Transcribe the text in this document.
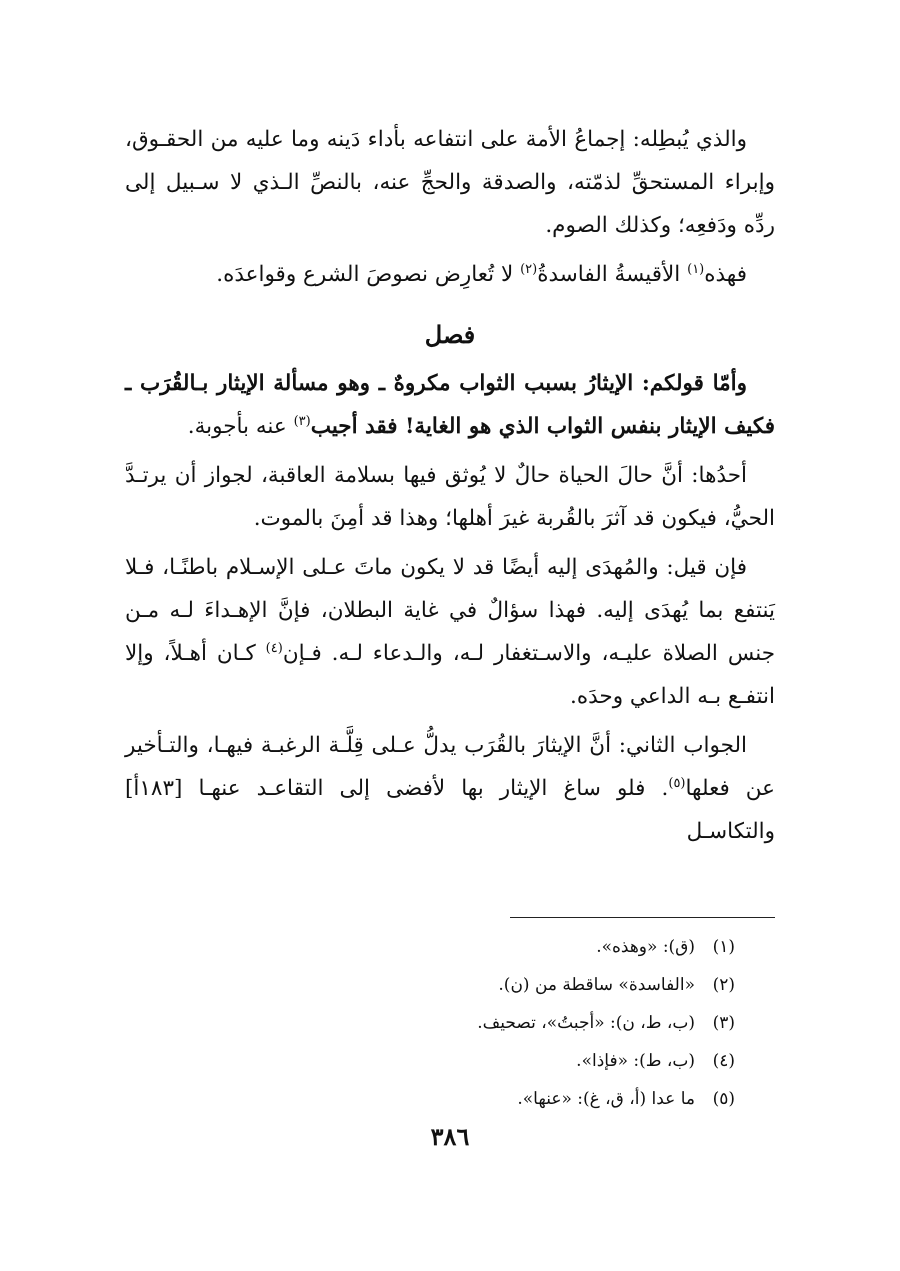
والذي يُبطِله: إجماعُ الأمة على انتفاعه بأداء دَينه وما عليه من الحقـوق، وإبراء المستحقِّ لذمّته، والصدقة والحجِّ عنه، بالنصِّ الـذي لا سـبيل إلى ردِّه ودَفعِه؛ وكذلك الصوم.

فهذه$^{(١)}$ الأقيسةُ الفاسدةُ$^{(٢)}$ لا تُعارِض نصوصَ الشرع وقواعدَه.

فصل

وأمّا قولكم: الإيثارُ بسبب الثواب مكروهٌ ـ وهو مسألة الإيثار بـالقُرَب ـ فكيف الإيثار بنفس الثواب الذي هو الغاية! فقد أجيب$^{(٣)}$ عنه بأجوبة.

أحدُها: أنَّ حالَ الحياة حالٌ لا يُوثق فيها بسلامة العاقبة، لجواز أن يرتـدَّ الحيُّ، فيكون قد آثرَ بالقُربة غيرَ أهلها؛ وهذا قد أمِنَ بالموت.

فإن قيل: والمُهدَى إليه أيضًا قد لا يكون ماتَ عـلى الإسـلام باطنًـا، فـلا يَنتفع بما يُهدَى إليه. فهذا سؤالٌ في غاية البطلان، فإنَّ الإهـداءَ لـه مـن جنس الصلاة عليـه، والاسـتغفار لـه، والـدعاء لـه. فـإن$^{(٤)}$ كـان أهـلاً، وإلا انتفـع بـه الداعي وحدَه.

الجواب الثاني: أنَّ الإيثارَ بالقُرَب يدلُّ عـلى قِلَّـة الرغبـة فيهـا، والتـأخير عن فعلها$^{(٥)}$. فلو ساغ الإيثار بها لأفضى إلى التقاعـد عنهـا [١٨٣أ] والتكاسـل

(١)(ق): «وهذه».
(٢)«الفاسدة» ساقطة من (ن).
(٣)(ب، ط، ن): «أجبتُ»، تصحيف.
(٤)(ب، ط): «فإذا».
(٥)ما عدا (أ، ق، غ): «عنها».
٣٨٦
